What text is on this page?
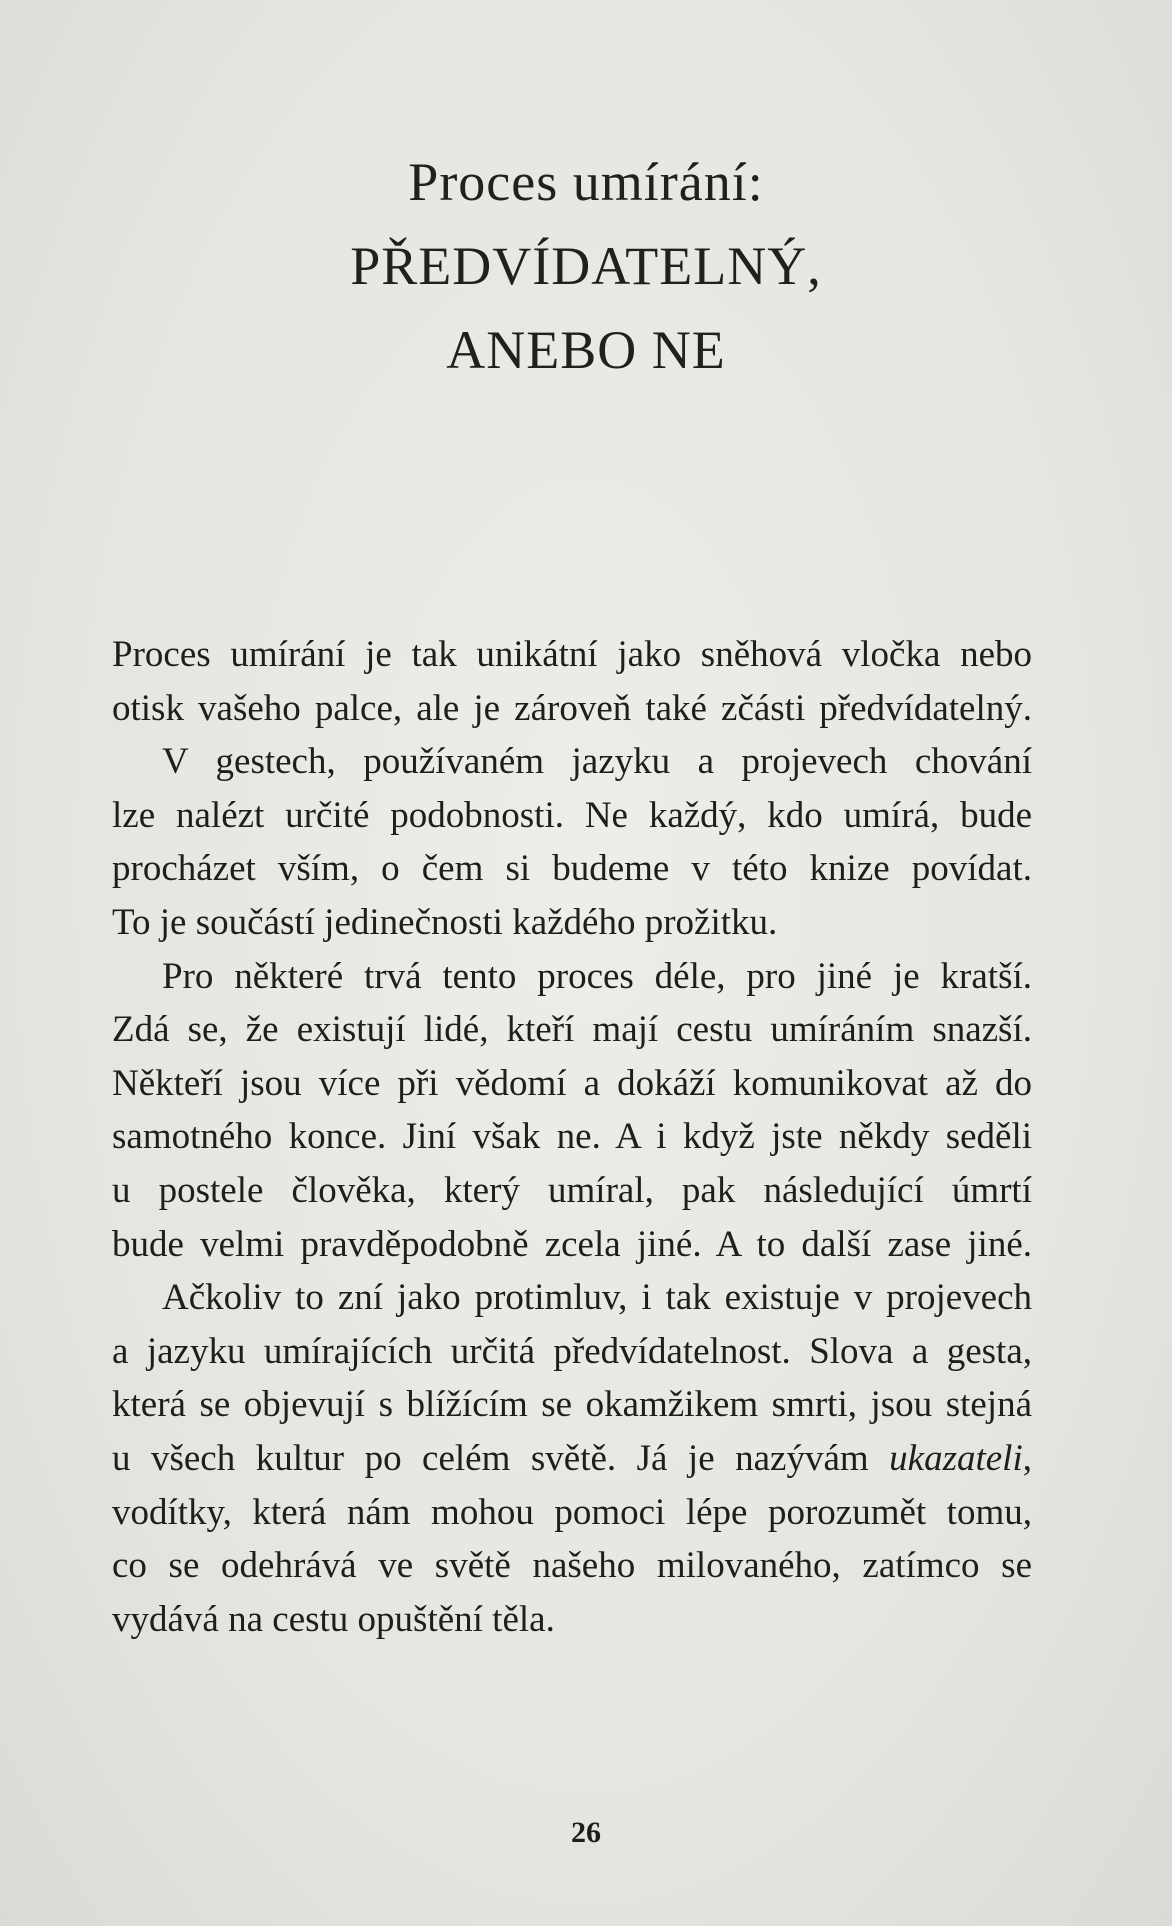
Proces umírání:
PŘEDVÍDATELNÝ,
ANEBO NE
Proces umírání je tak unikátní jako sněhová vločka nebo
otisk vašeho palce, ale je zároveň také zčásti předvídatelný.
V gestech, používaném jazyku a projevech chování
lze nalézt určité podobnosti. Ne každý, kdo umírá, bude
procházet vším, o čem si budeme v této knize povídat.
To je součástí jedinečnosti každého prožitku.
Pro některé trvá tento proces déle, pro jiné je kratší.
Zdá se, že existují lidé, kteří mají cestu umíráním snazší.
Někteří jsou více při vědomí a dokáží komunikovat až do
samotného konce. Jiní však ne. A i když jste někdy seděli
u postele člověka, který umíral, pak následující úmrtí
bude velmi pravděpodobně zcela jiné. A to další zase jiné.
Ačkoliv to zní jako protimluv, i tak existuje v projevech
a jazyku umírajících určitá předvídatelnost. Slova a gesta,
která se objevují s blížícím se okamžikem smrti, jsou stejná
u všech kultur po celém světě. Já je nazývám ukazateli,
vodítky, která nám mohou pomoci lépe porozumět tomu,
co se odehrává ve světě našeho milovaného, zatímco se
vydává na cestu opuštění těla.
26
